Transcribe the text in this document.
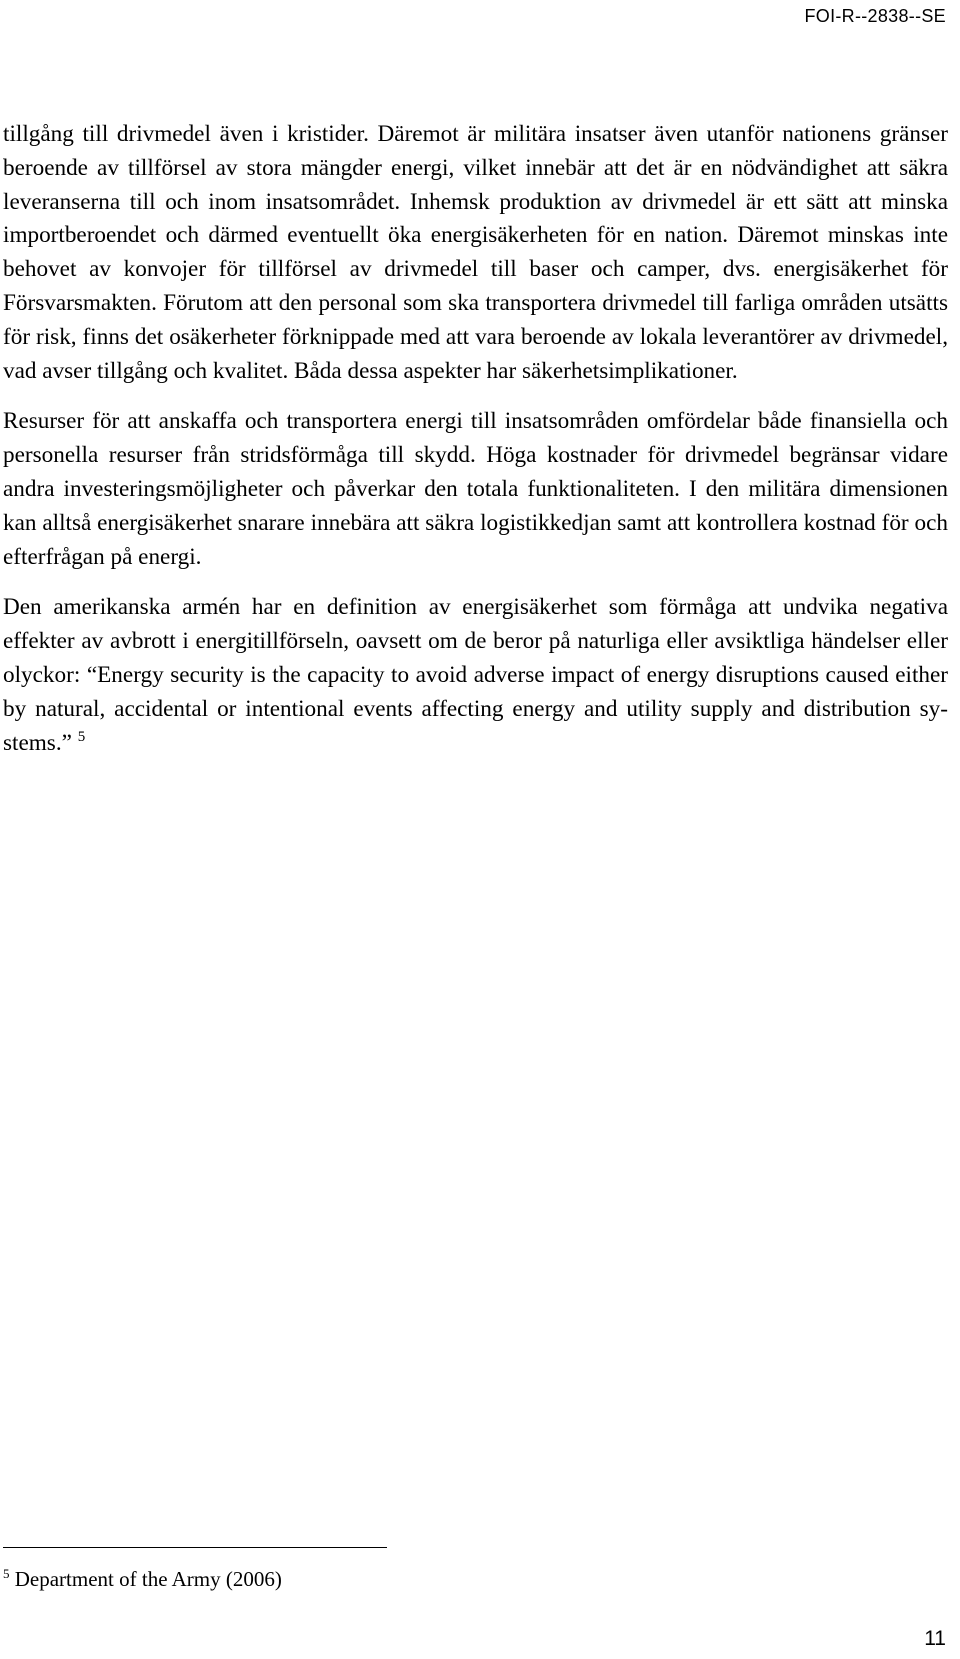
FOI-R--2838--SE

tillgång till drivmedel även i kristider. Däremot är militära insatser även utanför nationens gränser beroende av tillförsel av stora mängder energi, vilket innebär att det är en nödvändighet att säkra leveranserna till och inom insatsområdet. Inhemsk produktion av drivmedel är ett sätt att minska importberoendet och därmed eventuellt öka energisäkerheten för en nation. Däremot minskas inte behovet av konvojer för tillförsel av drivmedel till baser och camper, dvs. energisäkerhet för Försvarsmakten. Förutom att den personal som ska transportera drivmedel till farliga områden utsätts för risk, finns det osäkerheter förknippade med att vara beroende av lokala leverantörer av drivmedel, vad avser tillgång och kvalitet. Båda dessa aspekter har säkerhetsimplikationer.

Resurser för att anskaffa och transportera energi till insatsområden omfördelar både finansiella och personella resurser från stridsförmåga till skydd. Höga kostnader för drivmedel begränsar vidare andra investeringsmöjligheter och påverkar den totala funktionaliteten. I den militära dimensionen kan alltså energisäkerhet snarare innebära att säkra logistikkedjan samt att kontrollera kostnad för och efterfrågan på energi.

Den amerikanska armén har en definition av energisäkerhet som förmåga att undvika negativa effekter av avbrott i energitillförseln, oavsett om de beror på naturliga eller avsiktliga händelser eller olyckor: “Energy security is the capacity to avoid adverse impact of energy disruptions caused either by natural, accidental or intentional events affecting energy and utility supply and distribution systems.” $^5$

$^5$ Department of the Army (2006)
11
